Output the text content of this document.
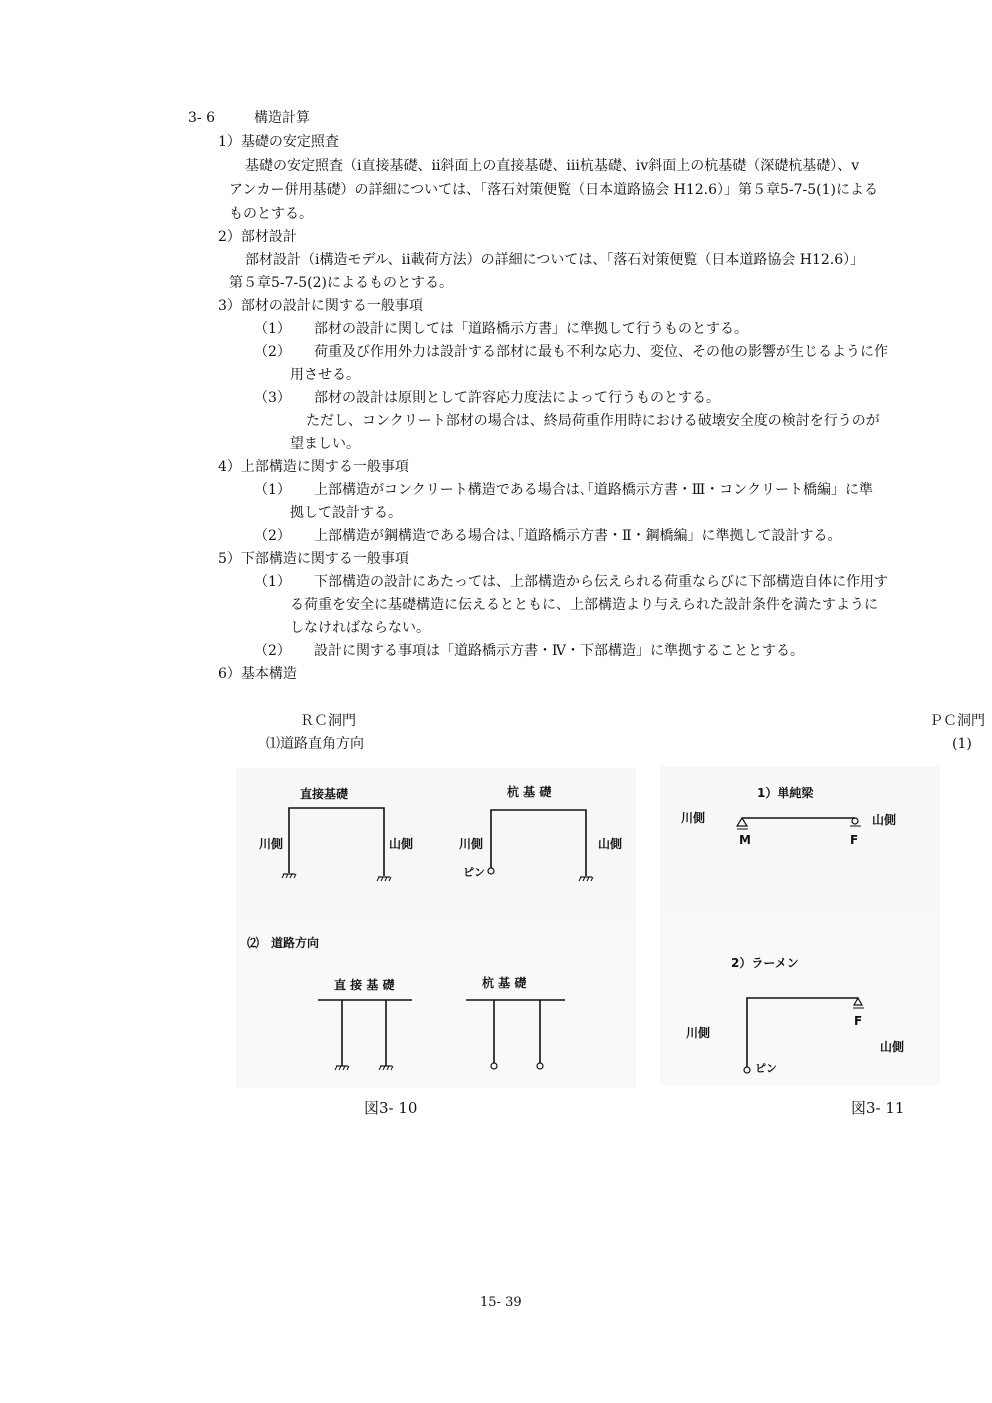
3- 6	構造計算
1）基礎の安定照査
基礎の安定照査（ⅰ直接基礎、ⅱ斜面上の直接基礎、ⅲ杭基礎、ⅳ斜面上の杭基礎（深礎杭基礎）、ⅴ
アンカー併用基礎）の詳細については、「落石対策便覧（日本道路協会 H12.6）」第５章5-7-5(1)による
ものとする。
2）部材設計
部材設計（ⅰ構造モデル、ⅱ載荷方法）の詳細については、「落石対策便覧（日本道路協会 H12.6）」
第５章5-7-5(2)によるものとする。
3）部材の設計に関する一般事項
（1） 部材の設計に関しては「道路橋示方書」に準拠して行うものとする。
（2） 荷重及び作用外力は設計する部材に最も不利な応力、変位、その他の影響が生じるように作
用させる。
（3） 部材の設計は原則として許容応力度法によって行うものとする。
ただし、コンクリート部材の場合は、終局荷重作用時における破壊安全度の検討を行うのが
望ましい。
4）上部構造に関する一般事項
（1） 上部構造がコンクリート構造である場合は､｢道路橋示方書・Ⅲ・コンクリート橋編」に準
拠して設計する。
（2） 上部構造が鋼構造である場合は､｢道路橋示方書・Ⅱ・鋼橋編」に準拠して設計する。
5）下部構造に関する一般事項
（1） 下部構造の設計にあたっては、上部構造から伝えられる荷重ならびに下部構造自体に作用す
る荷重を安全に基礎構造に伝えるとともに、上部構造より与えられた設計条件を満たすように
しなければならない。
（2） 設計に関する事項は「道路橋示方書・Ⅳ・下部構造」に準拠することとする。
6）基本構造
ＲＣ洞門
⑴道路直角方向
ＰＣ洞門
(1)
直接基礎	杭 基 礎
川側	山側	川側	山側
ピン
⑵　道路方向
直 接 基 礎	杭 基 礎
1）単純梁
川側	山側
M	F
2）ラーメン
F
川側
山側
ピン
図3- 10	図3- 11
15- 39
